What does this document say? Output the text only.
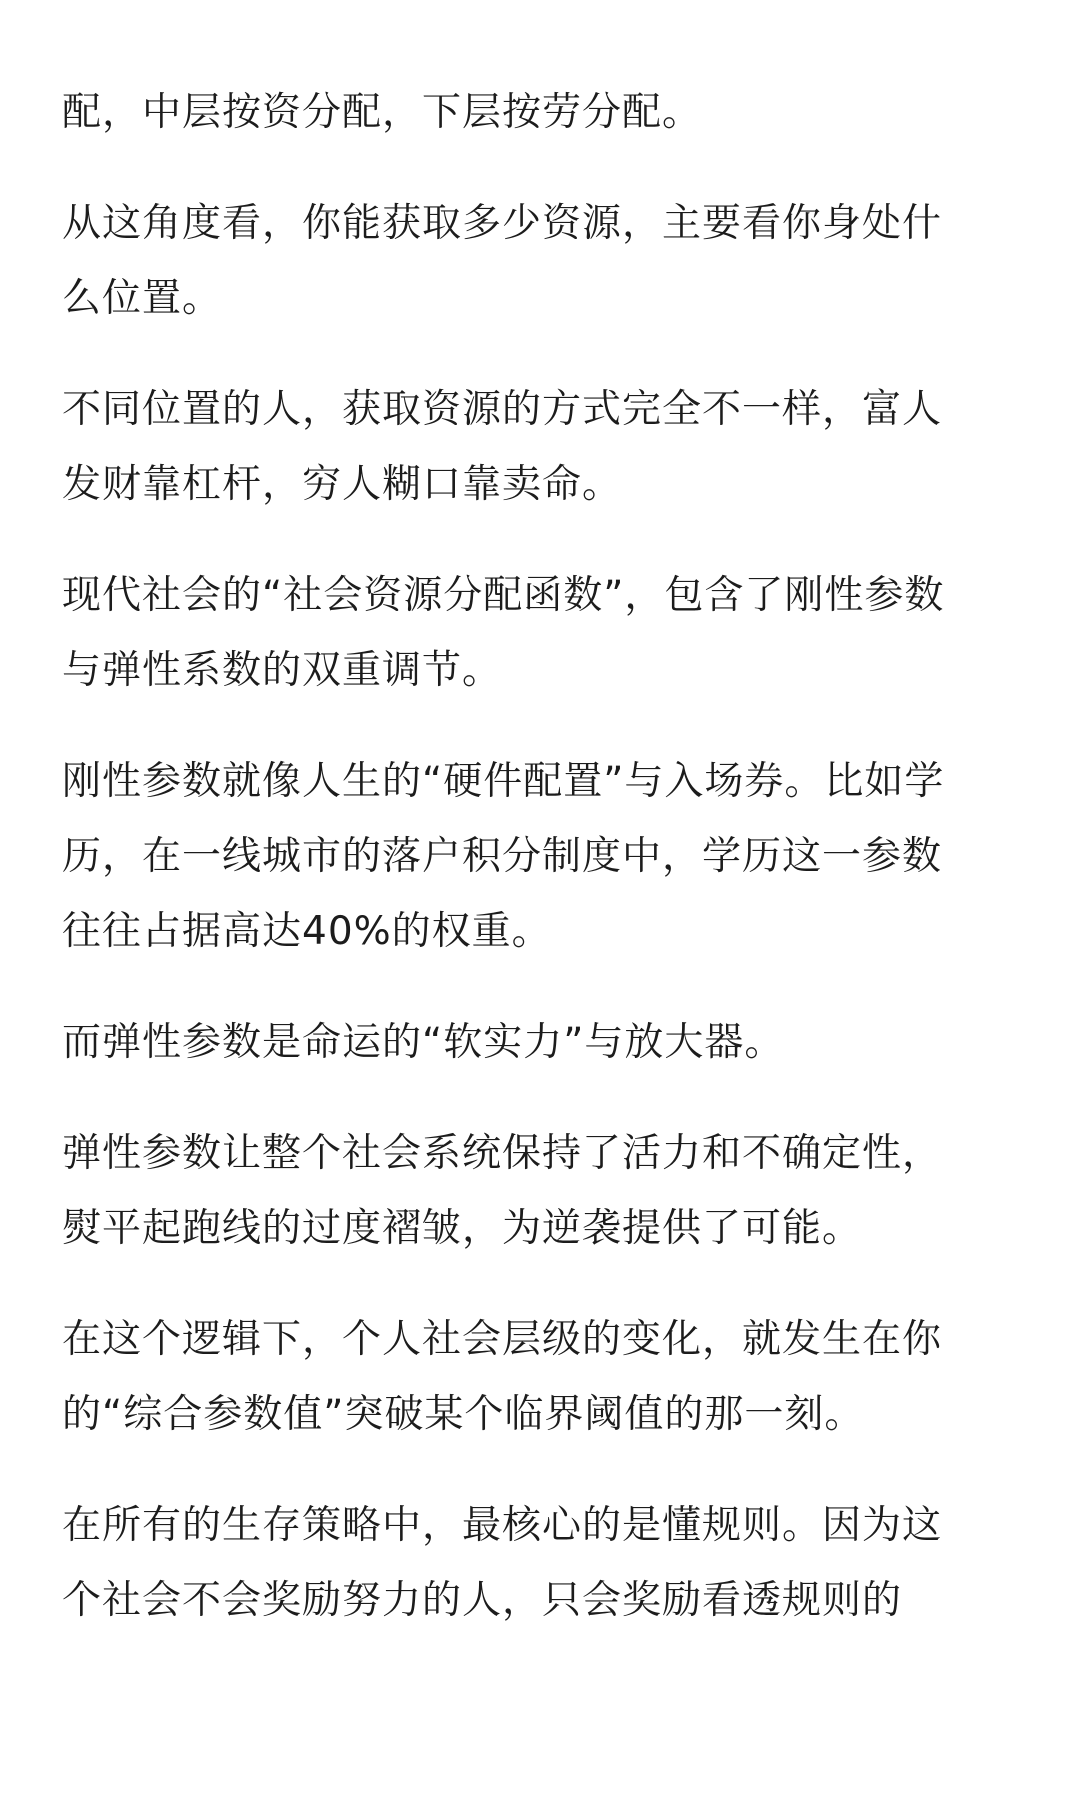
配，中层按资分配，下层按劳分配。

从这角度看，你能获取多少资源，主要看你身处什
么位置。

不同位置的人，获取资源的方式完全不一样，富人
发财靠杠杆，穷人糊口靠卖命。

现代社会的“社会资源分配函数”，包含了刚性参数
与弹性系数的双重调节。

刚性参数就像人生的“硬件配置”与入场券。比如学
历，在一线城市的落户积分制度中，学历这一参数
往往占据高达40%的权重。

而弹性参数是命运的“软实力”与放大器。

弹性参数让整个社会系统保持了活力和不确定性，
熨平起跑线的过度褶皱，为逆袭提供了可能。

在这个逻辑下，个人社会层级的变化，就发生在你
的“综合参数值”突破某个临界阈值的那一刻。

在所有的生存策略中，最核心的是懂规则。因为这
个社会不会奖励努力的人，只会奖励看透规则的
